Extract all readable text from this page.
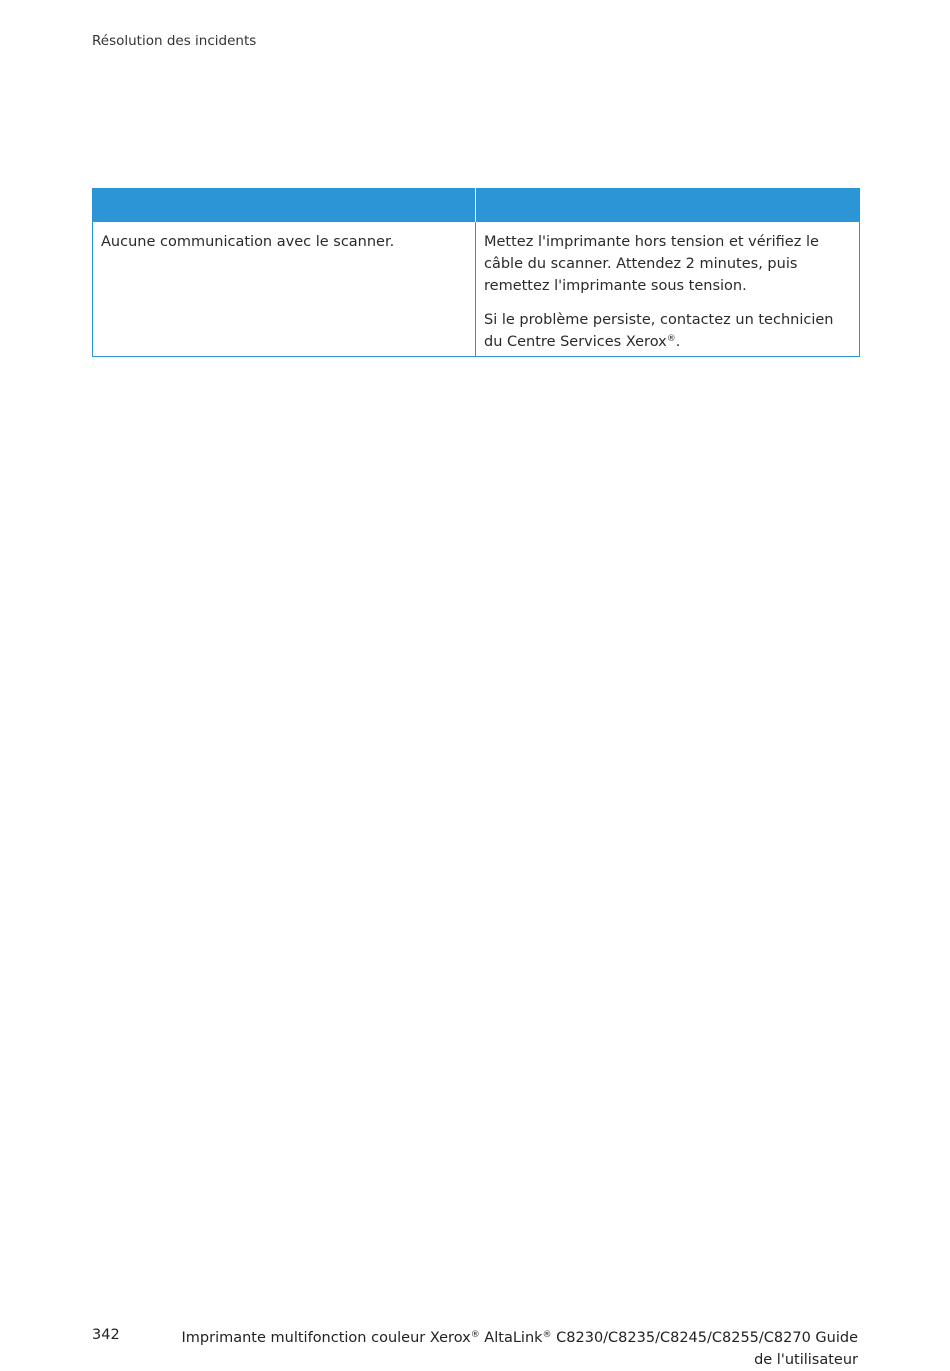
Résolution des incidents

Aucune communication avec le scanner.	Mettez l'imprimante hors tension et vérifiez le câble du scanner. Attendez 2 minutes, puis remettez l'imprimante sous tension.

Si le problème persiste, contactez un technicien du Centre Services Xerox®.

342	Imprimante multifonction couleur Xerox® AltaLink® C8230/C8235/C8245/C8255/C8270 Guide de l'utilisateur
